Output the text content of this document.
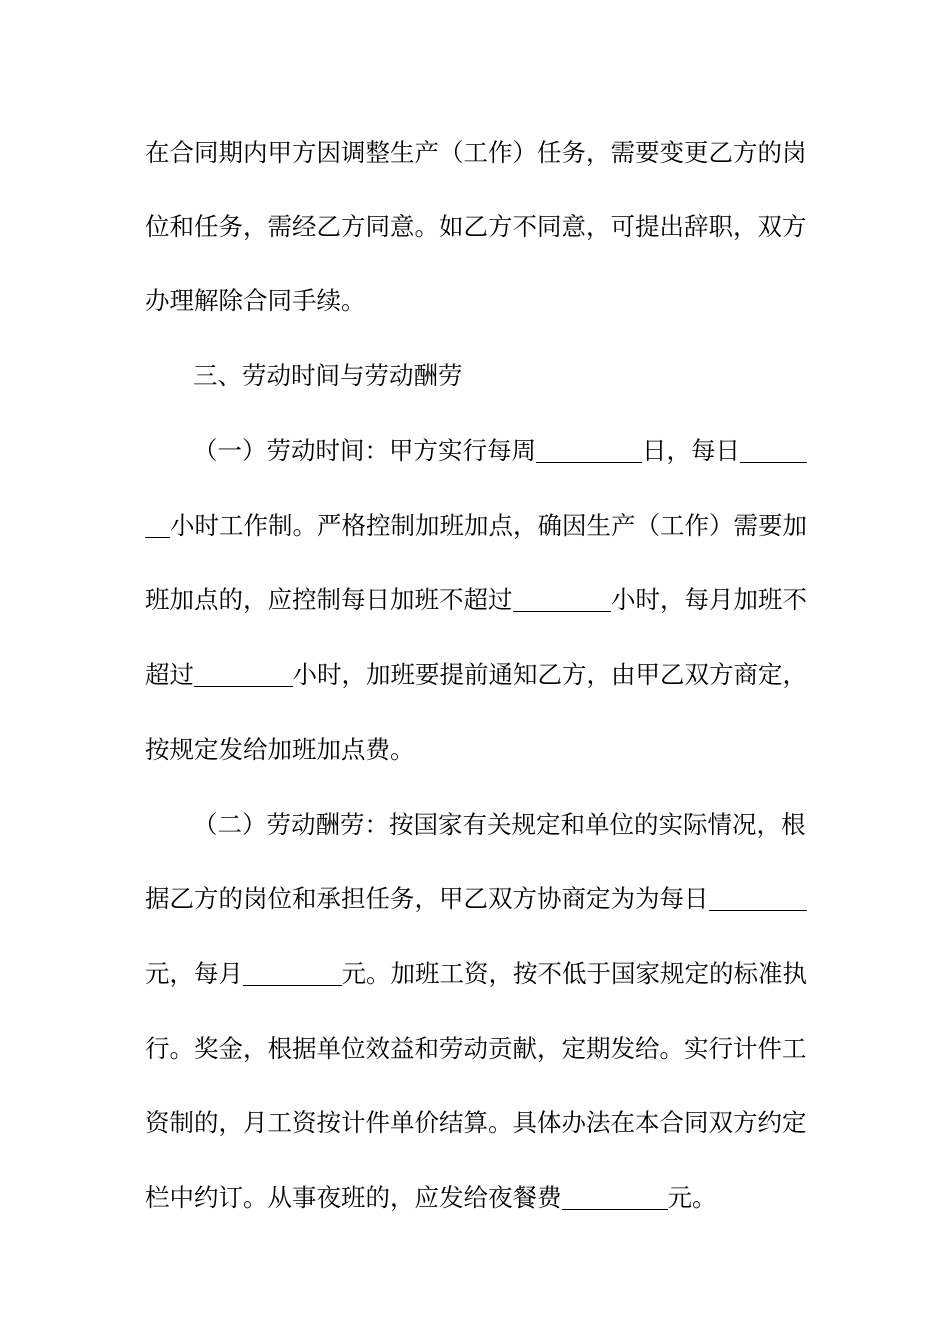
在合同期内甲方因调整生产（工作）任务，需要变更乙方的岗
位和任务，需经乙方同意。如乙方不同意，可提出辞职，双方
办理解除合同手续。
三、劳动时间与劳动酬劳
（一）劳动时间：甲方实行每周	日，每日
小时工作制。严格控制加班加点，确因生产（工作）需要加
班加点的，应控制每日加班不超过	小时，每月加班不
超过	小时，加班要提前通知乙方，由甲乙双方商定，
按规定发给加班加点费。
（二）劳动酬劳：按国家有关规定和单位的实际情况，根
据乙方的岗位和承担任务，甲乙双方协商定为为每日
元，每月	元。加班工资，按不低于国家规定的标准执
行。奖金，根据单位效益和劳动贡献，定期发给。实行计件工
资制的，月工资按计件单价结算。具体办法在本合同双方约定
栏中约订。从事夜班的，应发给夜餐费	元。
